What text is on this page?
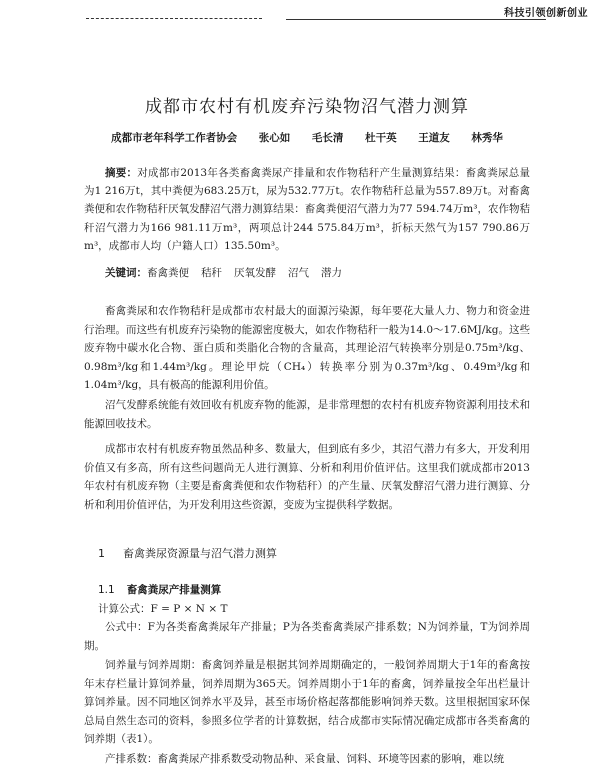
科技引领创新创业
成都市农村有机废弃污染物沼气潜力测算
成都市老年科学工作者协会 张心如 毛长清 杜干英 王道友 林秀华
摘要：对成都市2013年各类畜禽粪尿产排量和农作物秸秆产生量测算结果：畜禽粪尿总量为1 216万t，其中粪便为683.25万t，尿为532.77万t。农作物秸秆总量为557.89万t。对畜禽粪便和农作物秸秆厌氧发酵沼气潜力测算结果：畜禽粪便沼气潜力为77 594.74万m³，农作物秸秆沼气潜力为166 981.11万m³，两项总计244 575.84万m³，折标天然气为157 790.86万m³，成都市人均（户籍人口）135.50m³。
关键词：畜禽粪便 秸秆 厌氧发酵 沼气 潜力

畜禽粪尿和农作物秸秆是成都市农村最大的面源污染源，每年要花大量人力、物力和资金进行治理。而这些有机废弃污染物的能源密度极大，如农作物秸秆一般为14.0～17.6MJ/kg。这些废弃物中碳水化合物、蛋白质和类脂化合物的含量高，其理论沼气转换率分别是0.75m³/kg、0.98m³/kg和1.44m³/kg。理论甲烷（CH₄）转换率分别为0.37m³/kg、0.49m³/kg和1.04m³/kg，具有极高的能源利用价值。

沼气发酵系统能有效回收有机废弃物的能源，是非常理想的农村有机废弃物资源利用技术和能源回收技术。

成都市农村有机废弃物虽然品种多、数量大，但到底有多少，其沼气潜力有多大，开发利用价值又有多高，所有这些问题尚无人进行测算、分析和利用价值评估。这里我们就成都市2013年农村有机废弃物（主要是畜禽粪便和农作物秸秆）的产生量、厌氧发酵沼气潜力进行测算、分析和利用价值评估，为开发利用这些资源，变废为宝提供科学数据。

1 畜禽粪尿资源量与沼气潜力测算
1.1 畜禽粪尿产排量测算
计算公式：F = P × N × T

公式中：F为各类畜禽粪尿年产排量；P为各类畜禽粪尿产排系数；N为饲养量，T为饲养周期。

饲养量与饲养周期：畜禽饲养量是根据其饲养周期确定的，一般饲养周期大于1年的畜禽按年末存栏量计算饲养量，饲养周期为365天。饲养周期小于1年的畜禽，饲养量按全年出栏量计算饲养量。因不同地区饲养水平及异，甚至市场价格起落都能影响饲养天数。这里根据国家环保总局自然生态司的资料，参照多位学者的计算数据，结合成都市实际情况确定成都市各类畜禽的饲养期（表1）。

产排系数：畜禽粪尿产排系数受动物品种、采食量、饲料、环境等因素的影响，难以统
